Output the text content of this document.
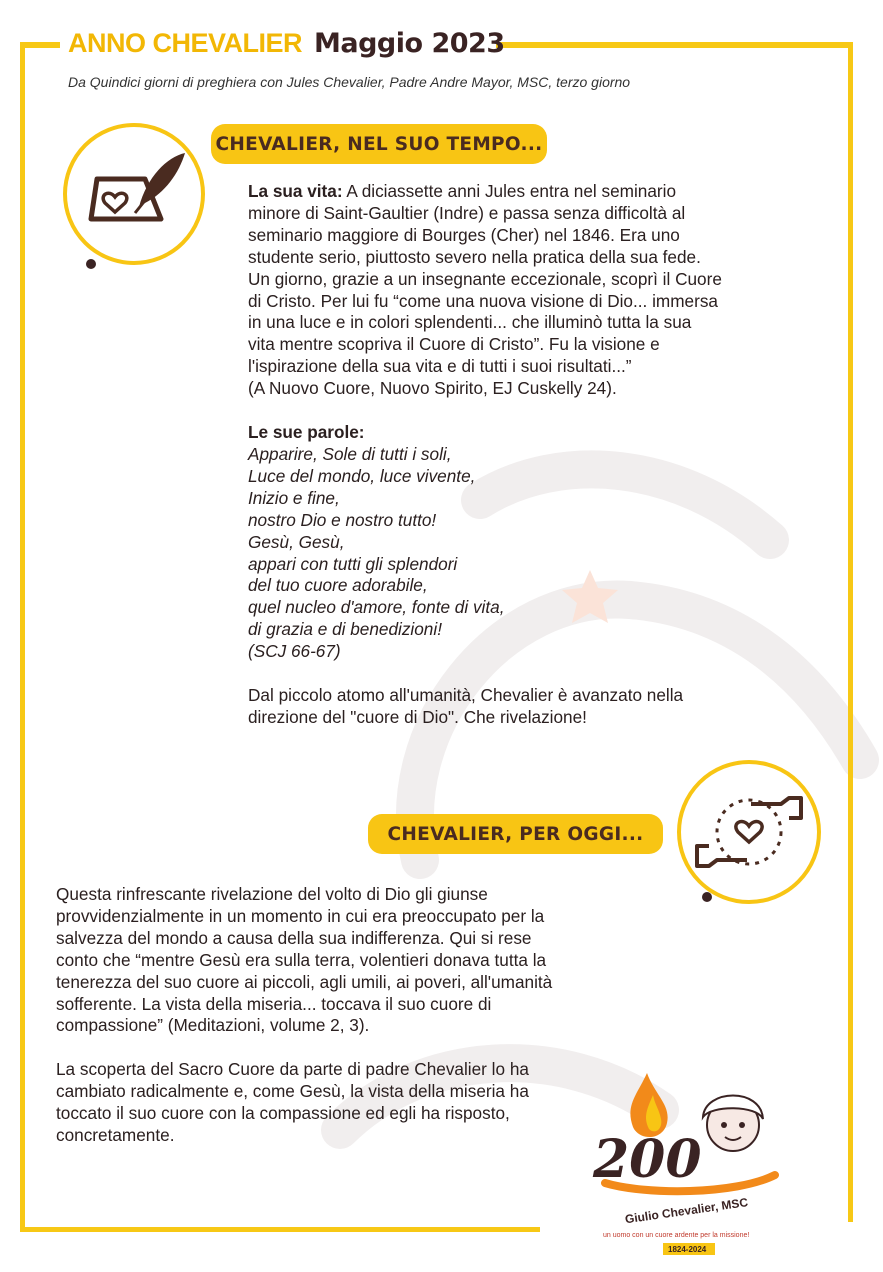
ANNO CHEVALIER Maggio 2023
Da Quindici giorni di preghiera con Jules Chevalier, Padre Andre Mayor, MSC, terzo giorno
CHEVALIER, NEL SUO TEMPO...

La sua vita: A diciassette anni Jules entra nel seminario
minore di Saint-Gaultier (Indre) e passa senza difficoltà al
seminario maggiore di Bourges (Cher) nel 1846. Era uno
studente serio, piuttosto severo nella pratica della sua fede.
Un giorno, grazie a un insegnante eccezionale, scoprì il Cuore
di Cristo. Per lui fu “come una nuova visione di Dio... immersa
in una luce e in colori splendenti... che illuminò tutta la sua
vita mentre scopriva il Cuore di Cristo”. Fu la visione e
l'ispirazione della sua vita e di tutti i suoi risultati...”
(A Nuovo Cuore, Nuovo Spirito, EJ Cuskelly 24).

Le sue parole:
Apparire, Sole di tutti i soli,
Luce del mondo, luce vivente,
Inizio e fine,
nostro Dio e nostro tutto!
Gesù, Gesù,
appari con tutti gli splendori
del tuo cuore adorabile,
quel nucleo d'amore, fonte di vita,
di grazia e di benedizioni!
(SCJ 66-67)

Dal piccolo atomo all'umanità, Chevalier è avanzato nella
direzione del "cuore di Dio". Che rivelazione!

CHEVALIER, PER OGGI...

Questa rinfrescante rivelazione del volto di Dio gli giunse
provvidenzialmente in un momento in cui era preoccupato per la
salvezza del mondo a causa della sua indifferenza. Qui si rese
conto che “mentre Gesù era sulla terra, volentieri donava tutta la
tenerezza del suo cuore ai piccoli, agli umili, ai poveri, all'umanità
sofferente. La vista della miseria... toccava il suo cuore di
compassione” (Meditazioni, volume 2, 3).

La scoperta del Sacro Cuore da parte di padre Chevalier lo ha
cambiato radicalmente e, come Gesù, la vista della miseria ha
toccato il suo cuore con la compassione ed egli ha risposto,
concretamente.	200
Giulio Chevalier, MSC
un uomo con un cuore ardente per la missione!
1824-2024
